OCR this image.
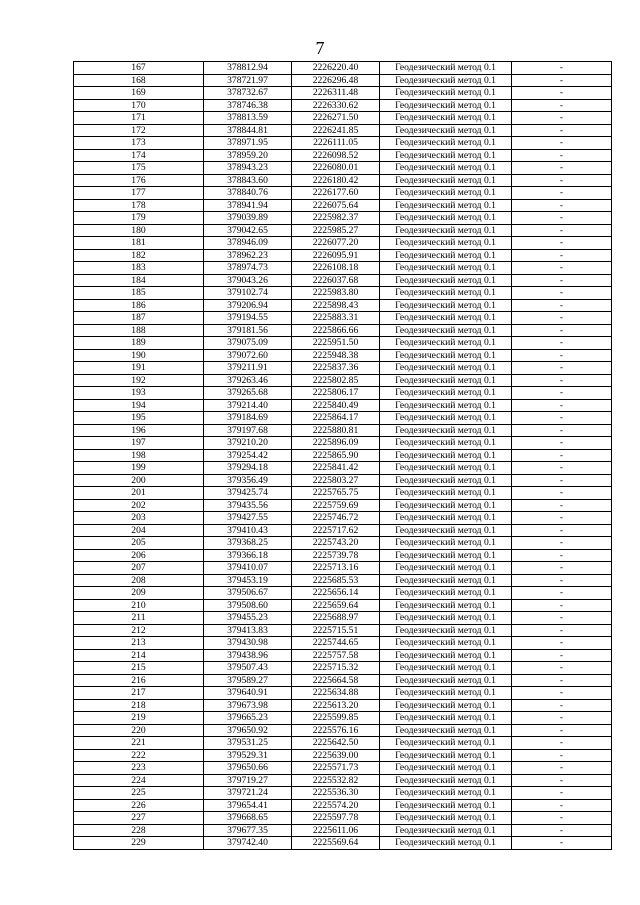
7
167	378812.94	2226220.40	Геодезический метод 0.1	-
168	378721.97	2226296.48	Геодезический метод 0.1	-
169	378732.67	2226311.48	Геодезический метод 0.1	-
170	378746.38	2226330.62	Геодезический метод 0.1	-
171	378813.59	2226271.50	Геодезический метод 0.1	-
172	378844.81	2226241.85	Геодезический метод 0.1	-
173	378971.95	2226111.05	Геодезический метод 0.1	-
174	378959.20	2226098.52	Геодезический метод 0.1	-
175	378943.23	2226080.01	Геодезический метод 0.1	-
176	378843.60	2226180.42	Геодезический метод 0.1	-
177	378840.76	2226177.60	Геодезический метод 0.1	-
178	378941.94	2226075.64	Геодезический метод 0.1	-
179	379039.89	2225982.37	Геодезический метод 0.1	-
180	379042.65	2225985.27	Геодезический метод 0.1	-
181	378946.09	2226077.20	Геодезический метод 0.1	-
182	378962.23	2226095.91	Геодезический метод 0.1	-
183	378974.73	2226108.18	Геодезический метод 0.1	-
184	379043.26	2226037.68	Геодезический метод 0.1	-
185	379102.74	2225983.80	Геодезический метод 0.1	-
186	379206.94	2225898.43	Геодезический метод 0.1	-
187	379194.55	2225883.31	Геодезический метод 0.1	-
188	379181.56	2225866.66	Геодезический метод 0.1	-
189	379075.09	2225951.50	Геодезический метод 0.1	-
190	379072.60	2225948.38	Геодезический метод 0.1	-
191	379211.91	2225837.36	Геодезический метод 0.1	-
192	379263.46	2225802.85	Геодезический метод 0.1	-
193	379265.68	2225806.17	Геодезический метод 0.1	-
194	379214.40	2225840.49	Геодезический метод 0.1	-
195	379184.69	2225864.17	Геодезический метод 0.1	-
196	379197.68	2225880.81	Геодезический метод 0.1	-
197	379210.20	2225896.09	Геодезический метод 0.1	-
198	379254.42	2225865.90	Геодезический метод 0.1	-
199	379294.18	2225841.42	Геодезический метод 0.1	-
200	379356.49	2225803.27	Геодезический метод 0.1	-
201	379425.74	2225765.75	Геодезический метод 0.1	-
202	379435.56	2225759.69	Геодезический метод 0.1	-
203	379427.55	2225746.72	Геодезический метод 0.1	-
204	379410.43	2225717.62	Геодезический метод 0.1	-
205	379368.25	2225743.20	Геодезический метод 0.1	-
206	379366.18	2225739.78	Геодезический метод 0.1	-
207	379410.07	2225713.16	Геодезический метод 0.1	-
208	379453.19	2225685.53	Геодезический метод 0.1	-
209	379506.67	2225656.14	Геодезический метод 0.1	-
210	379508.60	2225659.64	Геодезический метод 0.1	-
211	379455.23	2225688.97	Геодезический метод 0.1	-
212	379413.83	2225715.51	Геодезический метод 0.1	-
213	379430.98	2225744.65	Геодезический метод 0.1	-
214	379438.96	2225757.58	Геодезический метод 0.1	-
215	379507.43	2225715.32	Геодезический метод 0.1	-
216	379589.27	2225664.58	Геодезический метод 0.1	-
217	379640.91	2225634.88	Геодезический метод 0.1	-
218	379673.98	2225613.20	Геодезический метод 0.1	-
219	379665.23	2225599.85	Геодезический метод 0.1	-
220	379650.92	2225576.16	Геодезический метод 0.1	-
221	379531.25	2225642.50	Геодезический метод 0.1	-
222	379529.31	2225639.00	Геодезический метод 0.1	-
223	379650.66	2225571.73	Геодезический метод 0.1	-
224	379719.27	2225532.82	Геодезический метод 0.1	-
225	379721.24	2225536.30	Геодезический метод 0.1	-
226	379654.41	2225574.20	Геодезический метод 0.1	-
227	379668.65	2225597.78	Геодезический метод 0.1	-
228	379677.35	2225611.06	Геодезический метод 0.1	-
229	379742.40	2225569.64	Геодезический метод 0.1	-
